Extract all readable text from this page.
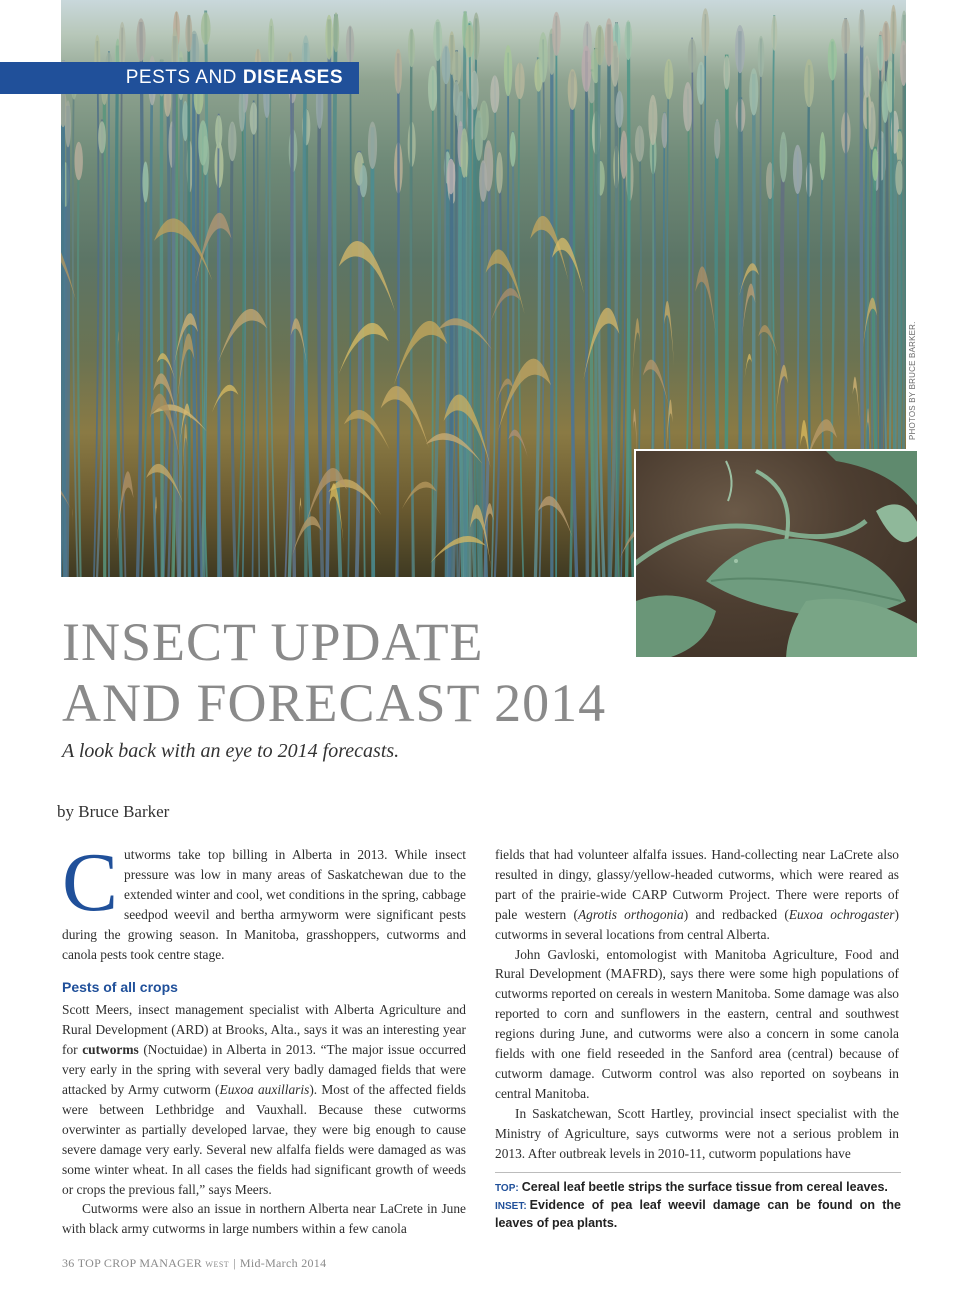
PESTS AND DISEASES
PHOTOS BY BRUCE BARKER.
INSECT UPDATE
AND FORECAST 2014
A look back with an eye to 2014 forecasts.
by Bruce Barker

Cutworms take top billing in Alberta in 2013. While insect pressure was low in many areas of Saskatchewan due to the extended winter and cool, wet conditions in the spring, cabbage seedpod weevil and bertha armyworm were significant pests during the growing season. In Manitoba, grasshoppers, cutworms and canola pests took centre stage.

Pests of all crops

Scott Meers, insect management specialist with Alberta Agriculture and Rural Development (ARD) at Brooks, Alta., says it was an interesting year for cutworms (Noctuidae) in Alberta in 2013. “The major issue occurred very early in the spring with several very badly damaged fields that were attacked by Army cutworm (Euxoa auxillaris). Most of the affected fields were between Lethbridge and Vauxhall. Because these cutworms overwinter as partially developed larvae, they were big enough to cause severe damage very early. Several new alfalfa fields were damaged as was some winter wheat. In all cases the fields had significant growth of weeds or crops the previous fall,” says Meers.

Cutworms were also an issue in northern Alberta near LaCrete in June with black army cutworms in large numbers within a few canola

fields that had volunteer alfalfa issues. Hand-collecting near LaCrete also resulted in dingy, glassy/yellow-headed cutworms, which were reared as part of the prairie-wide CARP Cutworm Project. There were reports of pale western (Agrotis orthogonia) and redbacked (Euxoa ochrogaster) cutworms in several locations from central Alberta.

John Gavloski, entomologist with Manitoba Agriculture, Food and Rural Development (MAFRD), says there were some high populations of cutworms reported on cereals in western Manitoba. Some damage was also reported to corn and sunflowers in the eastern, central and southwest regions during June, and cutworms were also a concern in some canola fields with one field reseeded in the Sanford area (central) because of cutworm damage. Cutworm control was also reported on soybeans in central Manitoba.

In Saskatchewan, Scott Hartley, provincial insect specialist with the Ministry of Agriculture, says cutworms were not a serious problem in 2013. After outbreak levels in 2010-11, cutworm populations have

TOP: Cereal leaf beetle strips the surface tissue from cereal leaves.

INSET: Evidence of pea leaf weevil damage can be found on the leaves of pea plants.

36 TOP CROP MANAGER WEST | Mid-March 2014
